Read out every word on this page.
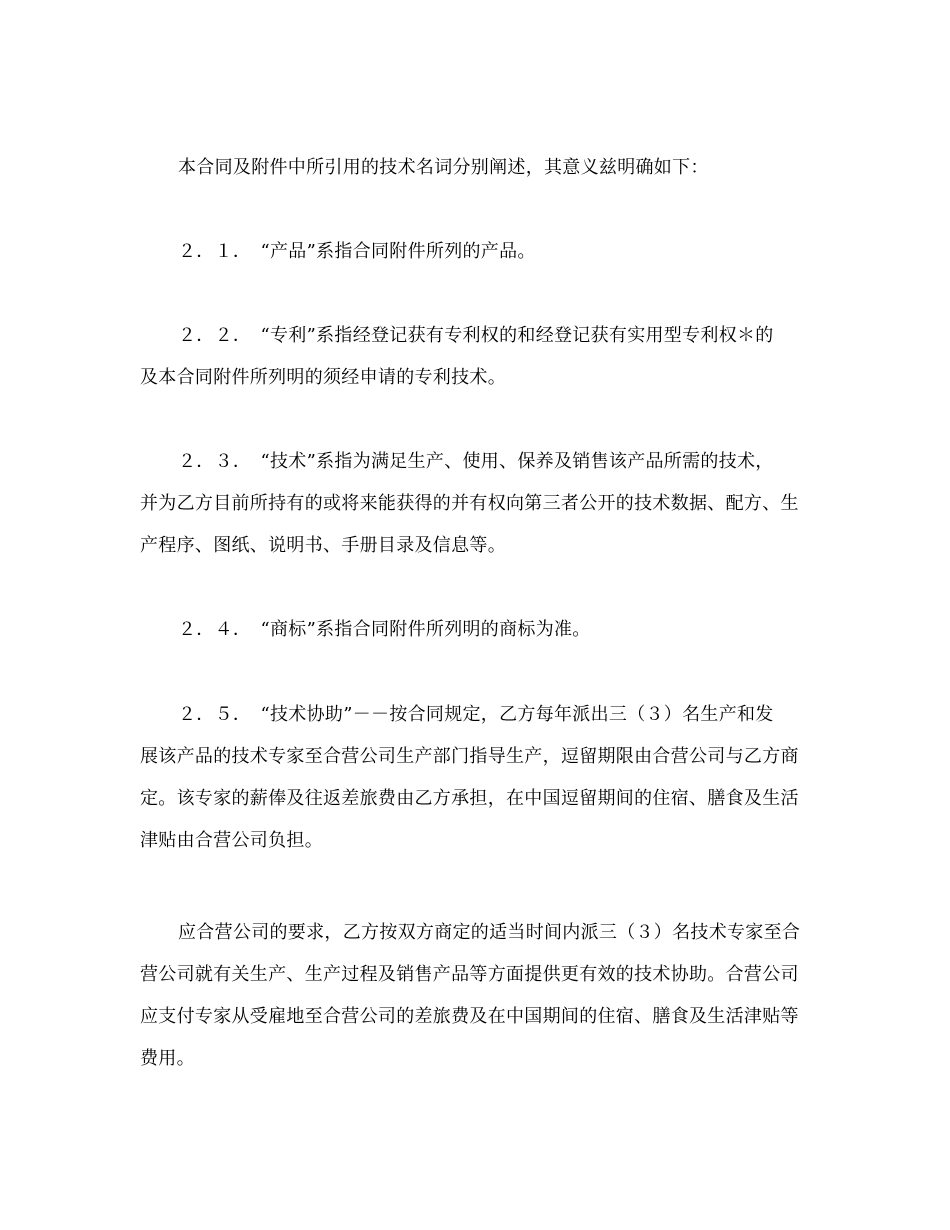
本合同及附件中所引用的技术名词分别阐述，其意义兹明确如下：

２．１．　“产品”系指合同附件所列的产品。

２．２．　“专利”系指经登记获有专利权的和经登记获有实用型专利权＊的
及本合同附件所列明的须经申请的专利技术。

２．３．　“技术”系指为满足生产、使用、保养及销售该产品所需的技术，
并为乙方目前所持有的或将来能获得的并有权向第三者公开的技术数据、配方、生
产程序、图纸、说明书、手册目录及信息等。

２．４．　“商标”系指合同附件所列明的商标为准。

２．５．　“技术协助”－－按合同规定，乙方每年派出三（３）名生产和发
展该产品的技术专家至合营公司生产部门指导生产，逗留期限由合营公司与乙方商
定。该专家的薪俸及往返差旅费由乙方承担，在中国逗留期间的住宿、膳食及生活
津贴由合营公司负担。

应合营公司的要求，乙方按双方商定的适当时间内派三（３）名技术专家至合
营公司就有关生产、生产过程及销售产品等方面提供更有效的技术协助。合营公司
应支付专家从受雇地至合营公司的差旅费及在中国期间的住宿、膳食及生活津贴等
费用。
